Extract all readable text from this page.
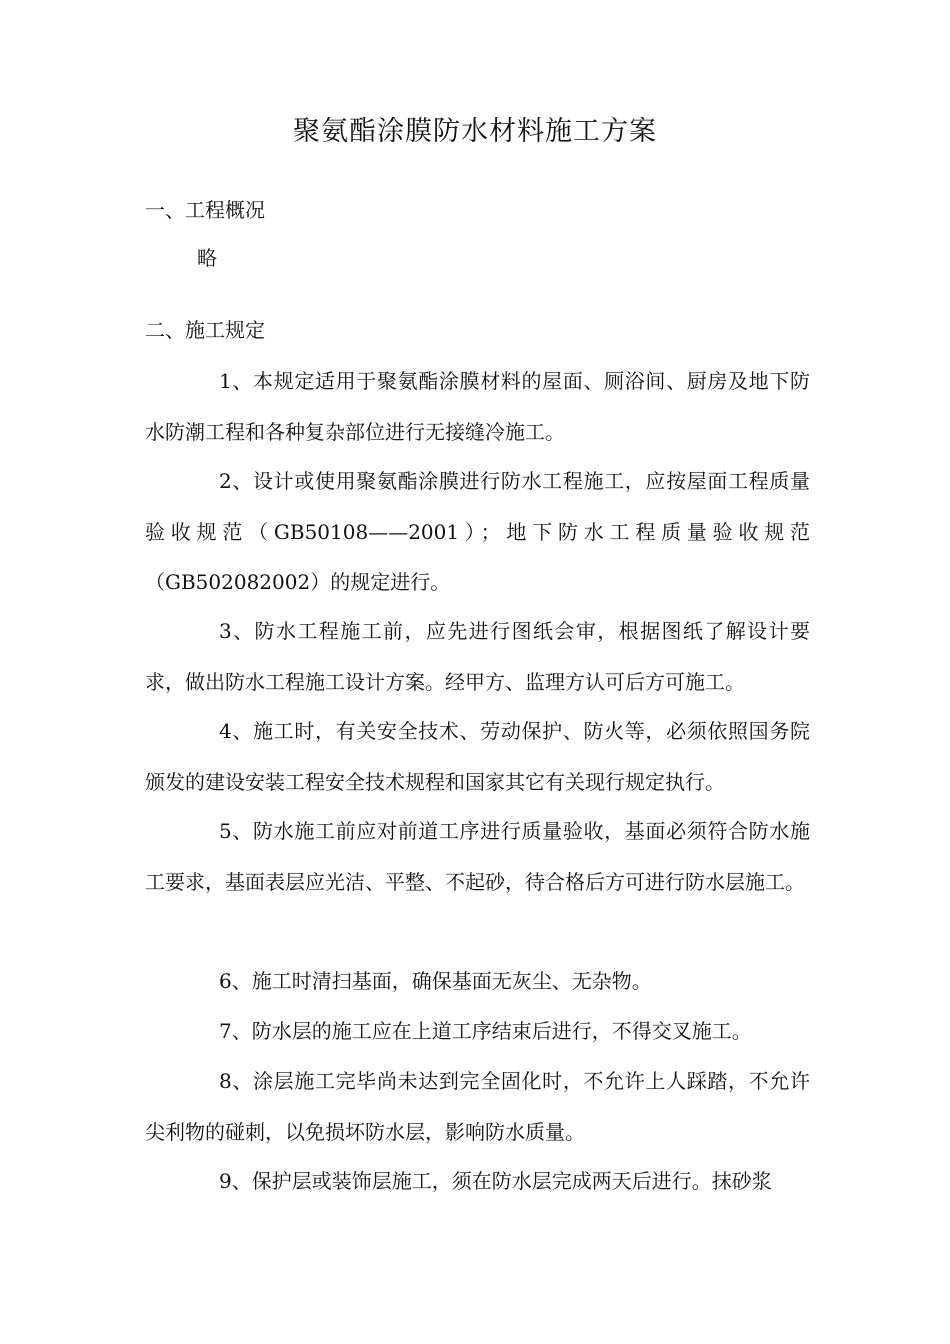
聚氨酯涂膜防水材料施工方案
一、工程概况
略
二、施工规定

1、本规定适用于聚氨酯涂膜材料的屋面、厕浴间、厨房及地下防水防潮工程和各种复杂部位进行无接缝冷施工。

2、设计或使用聚氨酯涂膜进行防水工程施工，应按屋面工程质量验收规范（GB50108——2001）；地下防水工程质量验收规范（GB502082002）的规定进行。

3、防水工程施工前，应先进行图纸会审，根据图纸了解设计要求，做出防水工程施工设计方案。经甲方、监理方认可后方可施工。

4、施工时，有关安全技术、劳动保护、防火等，必须依照国务院颁发的建设安装工程安全技术规程和国家其它有关现行规定执行。

5、防水施工前应对前道工序进行质量验收，基面必须符合防水施工要求，基面表层应光洁、平整、不起砂，待合格后方可进行防水层施工。

6、施工时清扫基面，确保基面无灰尘、无杂物。

7、防水层的施工应在上道工序结束后进行，不得交叉施工。

8、涂层施工完毕尚未达到完全固化时，不允许上人踩踏，不允许尖利物的碰刺，以免损坏防水层，影响防水质量。

9、保护层或装饰层施工，须在防水层完成两天后进行。抹砂浆
